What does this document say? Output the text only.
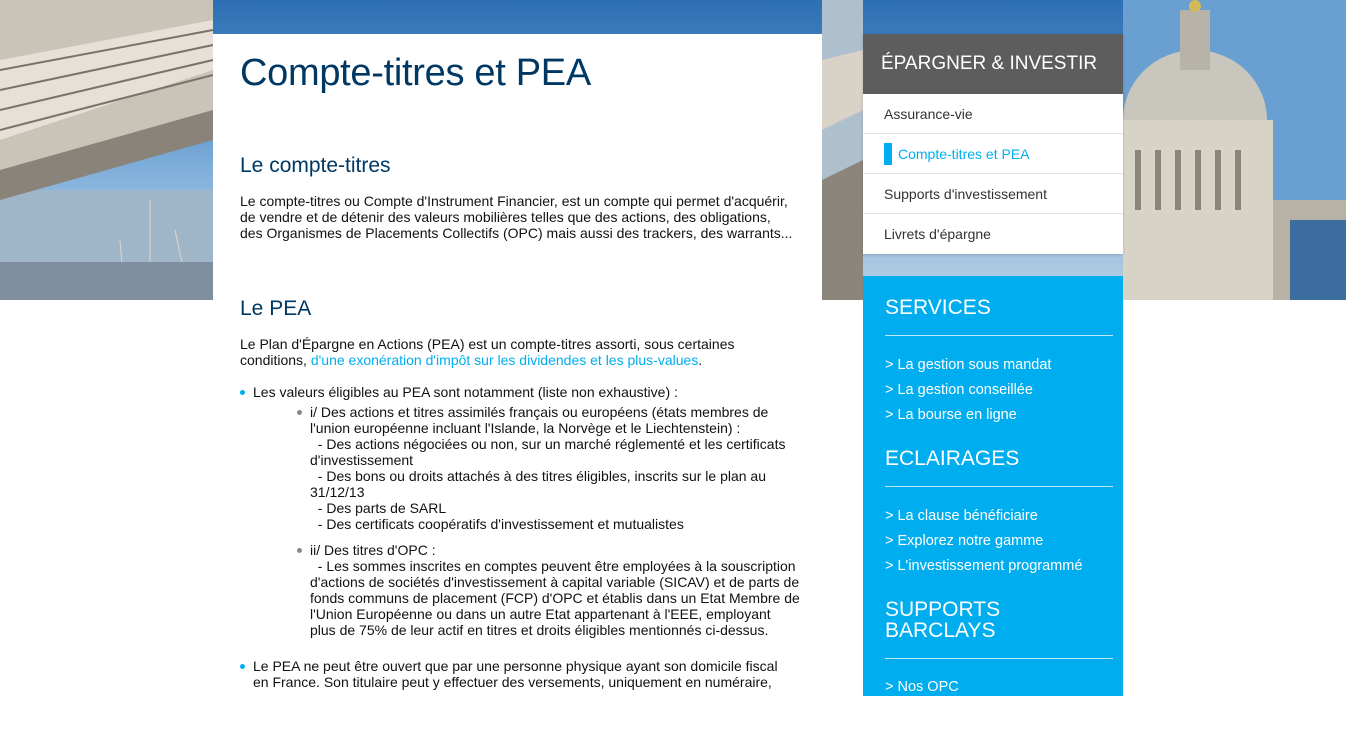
Compte-titres et PEA
Le compte-titres

Le compte-titres ou Compte d'Instrument Financier, est un compte qui permet d'acquérir, de vendre et de détenir des valeurs mobilières telles que des actions, des obligations, des Organismes de Placements Collectifs (OPC) mais aussi des trackers, des warrants...

Le PEA

Le Plan d'Épargne en Actions (PEA) est un compte-titres assorti, sous certaines conditions, d'une exonération d'impôt sur les dividendes et les plus-values.

Les valeurs éligibles au PEA sont notamment (liste non exhaustive) :
i/ Des actions et titres assimilés français ou européens (états membres de l'union européenne incluant l'Islande, la Norvège et le Liechtenstein) :
- Des actions négociées ou non, sur un marché réglementé et les certificats d'investissement
- Des bons ou droits attachés à des titres éligibles, inscrits sur le plan au 31/12/13
- Des parts de SARL
- Des certificats coopératifs d'investissement et mutualistes
ii/ Des titres d'OPC :
- Les sommes inscrites en comptes peuvent être employées à la souscription d'actions de sociétés d'investissement à capital variable (SICAV) et de parts de fonds communs de placement (FCP) d'OPC et établis dans un Etat Membre de l'Union Européenne ou dans un autre Etat appartenant à l'EEE, employant plus de 75% de leur actif en titres et droits éligibles mentionnés ci-dessus.
Le PEA ne peut être ouvert que par une personne physique ayant son domicile fiscal en France. Son titulaire peut y effectuer des versements, uniquement en numéraire,
ÉPARGNER & INVESTIR
Assurance-vie
Compte-titres et PEA
Supports d'investissement
Livrets d'épargne
SERVICES
> La gestion sous mandat
> La gestion conseillée
> La bourse en ligne
ECLAIRAGES
> La clause bénéficiaire
> Explorez notre gamme
> L'investissement programmé
SUPPORTS
BARCLAYS
> Nos OPC
